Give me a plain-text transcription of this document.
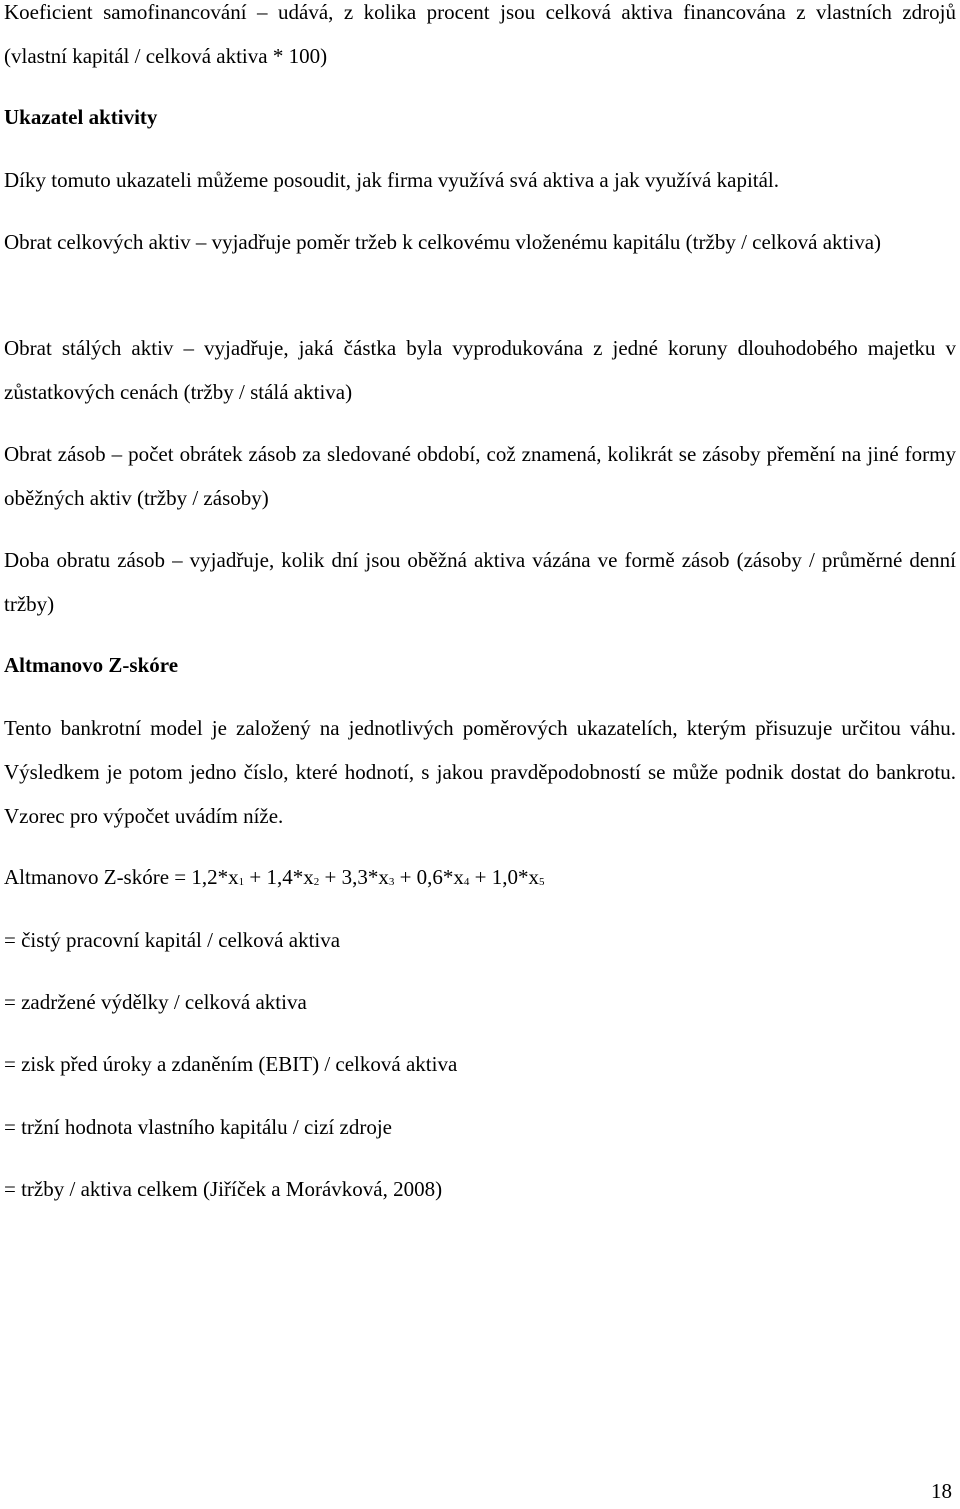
Koeficient samofinancování – udává, z kolika procent jsou celková aktiva financována z vlastních zdrojů (vlastní kapitál / celková aktiva * 100)

Ukazatel aktivity

Díky tomuto ukazateli můžeme posoudit, jak firma využívá svá aktiva a jak využívá kapitál.

Obrat celkových aktiv – vyjadřuje poměr tržeb k celkovému vloženému kapitálu (tržby / celková aktiva)

Obrat stálých aktiv – vyjadřuje, jaká částka byla vyprodukována z jedné koruny dlouhodobého majetku v zůstatkových cenách (tržby / stálá aktiva)

Obrat zásob – počet obrátek zásob za sledované období, což znamená, kolikrát se zásoby přemění na jiné formy oběžných aktiv (tržby / zásoby)

Doba obratu zásob – vyjadřuje, kolik dní jsou oběžná aktiva vázána ve formě zásob (zásoby / průměrné denní tržby)

Altmanovo Z-skóre

Tento bankrotní model je založený na jednotlivých poměrových ukazatelích, kterým přisuzuje určitou váhu. Výsledkem je potom jedno číslo, které hodnotí, s jakou pravděpodobností se může podnik dostat do bankrotu. Vzorec pro výpočet uvádím níže.

Altmanovo Z-skóre = 1,2*x1 + 1,4*x2 + 3,3*x3 + 0,6*x4 + 1,0*x5

= čistý pracovní kapitál / celková aktiva

= zadržené výdělky / celková aktiva

= zisk před úroky a zdaněním (EBIT) / celková aktiva

= tržní hodnota vlastního kapitálu / cizí zdroje

= tržby / aktiva celkem (Jiříček a Morávková, 2008)

18
